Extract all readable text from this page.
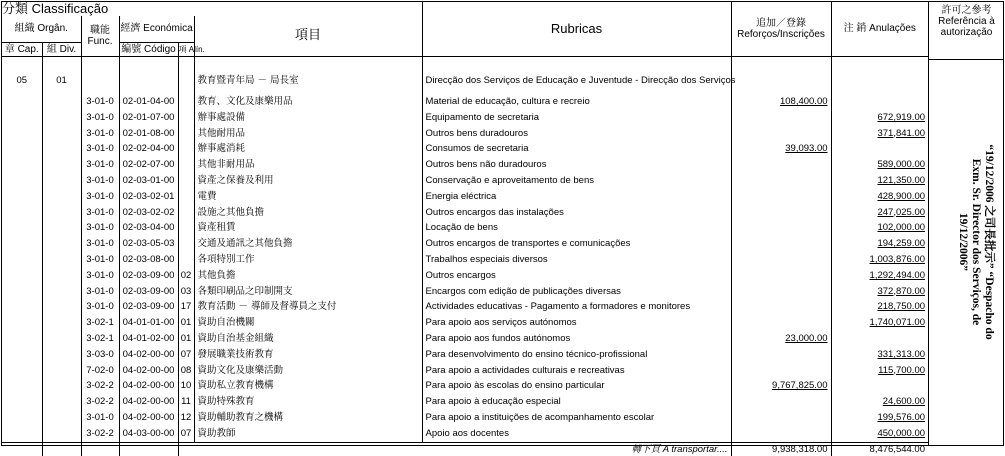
分類 Classificação						Rubricas	追加／登錄 Reforços/Inscrições	注 銷 Anulações
組織 Orgân.		職能 Func.	經濟 Económica		項目			
章 Cap.	組 Div.		編號 Código	項 Alín.				

05	01				教育暨青年局 － 局長室	Direcção dos Serviços de Educação e Juventude - Direcção dos Serviços		
		3-01-0	02-01-04-00		教育、文化及康樂用品	Material de educação, cultura e recreio	108,400.00	
		3-01-0	02-01-07-00		辦事處設備	Equipamento de secretaria		672,919.00
		3-01-0	02-01-08-00		其他耐用品	Outros bens duradouros		371,841.00
		3-01-0	02-02-04-00		辦事處消耗	Consumos de secretaria	39,093.00	
		3-01-0	02-02-07-00		其他非耐用品	Outros bens não duradouros		589,000.00
		3-01-0	02-03-01-00		資產之保養及利用	Conservação e aproveitamento de bens		121,350.00
		3-01-0	02-03-02-01		電費	Energia eléctrica		428,900.00
		3-01-0	02-03-02-02		設施之其他負擔	Outros encargos das instalações		247,025.00
		3-01-0	02-03-04-00		資產租賃	Locação de bens		102,000.00
		3-01-0	02-03-05-03		交通及通訊之其他負擔	Outros encargos de transportes e comunicações		194,259.00
		3-01-0	02-03-08-00		各項特別工作	Trabalhos especiais diversos		1,003,876.00
		3-01-0	02-03-09-00	02	其他負擔	Outros encargos		1,292,494.00
		3-01-0	02-03-09-00	03	各類印刷品之印制開支	Encargos com edição de publicações diversas		372,870.00
		3-01-0	02-03-09-00	17	教育活動 － 導師及督導員之支付	Actividades educativas - Pagamento a formadores e monitores		218,750.00
		3-02-1	04-01-01-00	01	資助自治機關	Para apoio aos serviços autónomos		1,740,071.00
		3-02-1	04-01-02-00	01	資助自治基金組織	Para apoio aos fundos autónomos	23,000.00	
		3-03-0	04-02-00-00	07	發展職業技術教育	Para desenvolvimento do ensino técnico-profissional		331,313.00
		7-02-0	04-02-00-00	08	資助文化及康樂活動	Para apoio a actividades culturais e recreativas		115,700.00
		3-02-2	04-02-00-00	10	資助私立教育機構	Para apoio às escolas do ensino particular	9,767,825.00	
		3-02-2	04-02-00-00	11	資助特殊教育	Para apoio à educação especial		24,600.00
		3-01-0	04-02-00-00	12	資助輔助教育之機構	Para apoio a instituições de acompanhamento escolar		199,576.00
		3-02-2	04-03-00-00	07	資助教師	Apoio aos docentes		450,000.00
					轉下頁 A transportar....		9,938,318.00	8,476,544.00
許可之參考 Referência à autorização
“19/12/2006 之司長批示” “Despacho do Exm. Sr. Director dos Serviços, de 19/12/2006”
